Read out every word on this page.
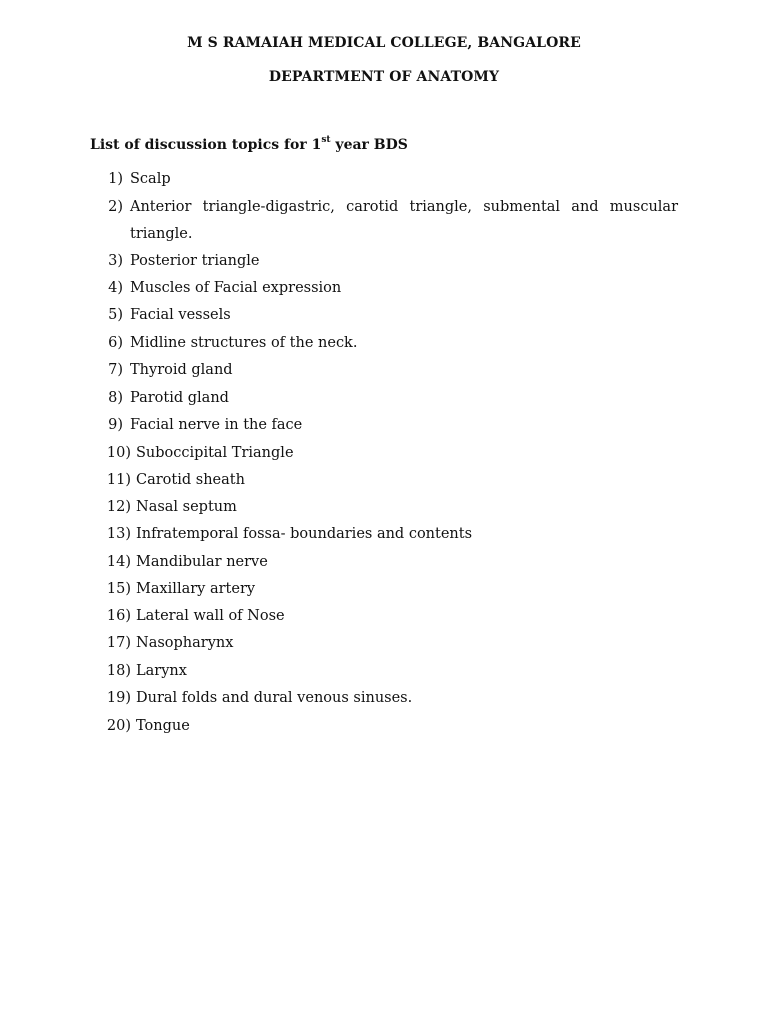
M S RAMAIAH MEDICAL COLLEGE, BANGALORE
DEPARTMENT OF ANATOMY
List of discussion topics for 1st year BDS
1) Scalp
2) Anterior triangle-digastric, carotid triangle, submental and muscular
triangle.
3) Posterior triangle
4) Muscles of Facial expression
5) Facial vessels
6) Midline structures of the neck.
7) Thyroid gland
8) Parotid gland
9) Facial nerve in the face
10) Suboccipital Triangle
11) Carotid sheath
12) Nasal septum
13) Infratemporal fossa- boundaries and contents
14) Mandibular nerve
15) Maxillary artery
16) Lateral wall of Nose
17) Nasopharynx
18) Larynx
19) Dural folds and dural venous sinuses.
20) Tongue
